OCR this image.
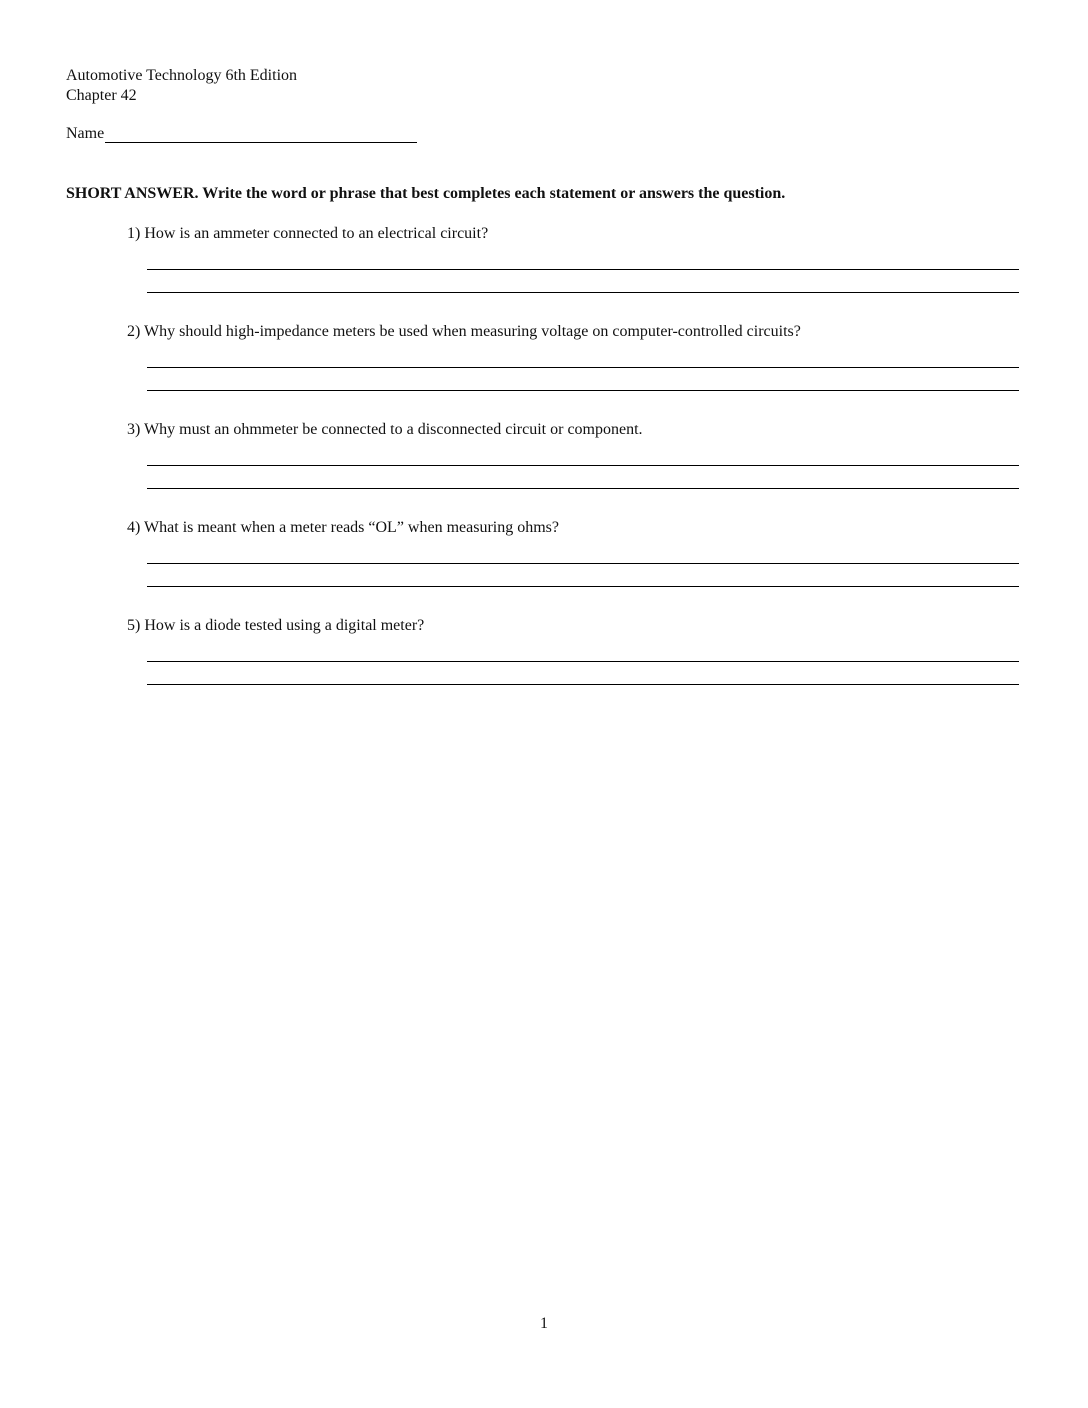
Automotive Technology 6th Edition
Chapter 42
Name
SHORT ANSWER. Write the word or phrase that best completes each statement or answers the question.
1) How is an ammeter connected to an electrical circuit?
2) Why should high-impedance meters be used when measuring voltage on computer-controlled circuits?
3) Why must an ohmmeter be connected to a disconnected circuit or component.
4) What is meant when a meter reads “OL” when measuring ohms?
5) How is a diode tested using a digital meter?
1
